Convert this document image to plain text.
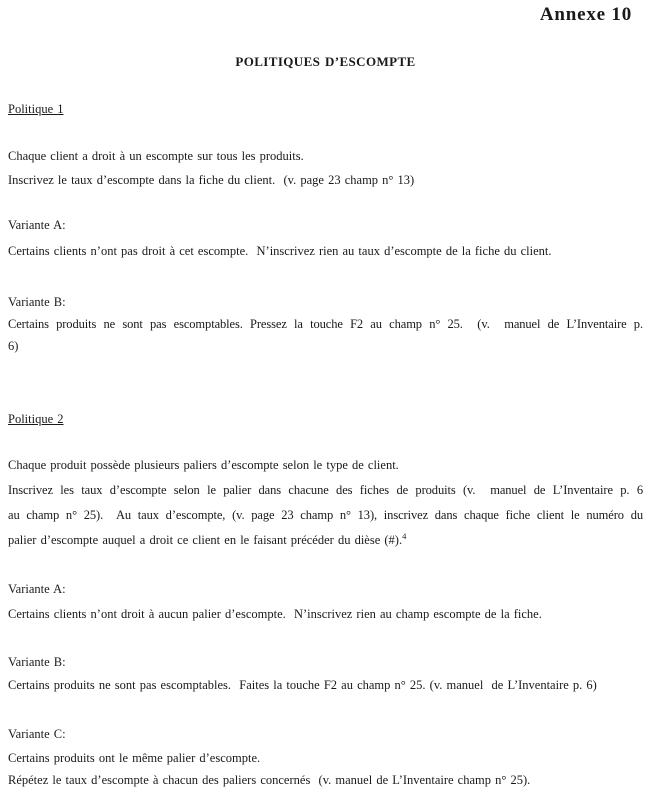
Annexe 10
POLITIQUES D’ESCOMPTE
Politique 1
Chaque client a droit à un escompte sur tous les produits.
Inscrivez le taux d’escompte dans la fiche du client.  (v. page 23 champ n° 13)
Variante A:
Certains clients n’ont pas droit à cet escompte.  N’inscrivez rien au taux d’escompte de la fiche du client.
Variante B:
Certains produits ne sont pas escomptables. Pressez la touche F2 au champ n° 25.  (v.  manuel de L’Inventaire p.
6)
Politique 2
Chaque produit possède plusieurs paliers d’escompte selon le type de client.
Inscrivez les taux d’escompte selon le palier dans chacune des fiches de produits (v.  manuel de L’Inventaire p. 6
au champ n° 25).  Au taux d’escompte, (v. page 23 champ n° 13), inscrivez dans chaque fiche client le numéro du
palier d’escompte auquel a droit ce client en le faisant précéder du dièse (#).$^4$
Variante A:
Certains clients n’ont droit à aucun palier d’escompte.  N’inscrivez rien au champ escompte de la fiche.
Variante B:
Certains produits ne sont pas escomptables.  Faites la touche F2 au champ n° 25. (v. manuel  de L’Inventaire p. 6)
Variante C:
Certains produits ont le même palier d’escompte.
Répétez le taux d’escompte à chacun des paliers concernés  (v. manuel de L’Inventaire champ n° 25).
